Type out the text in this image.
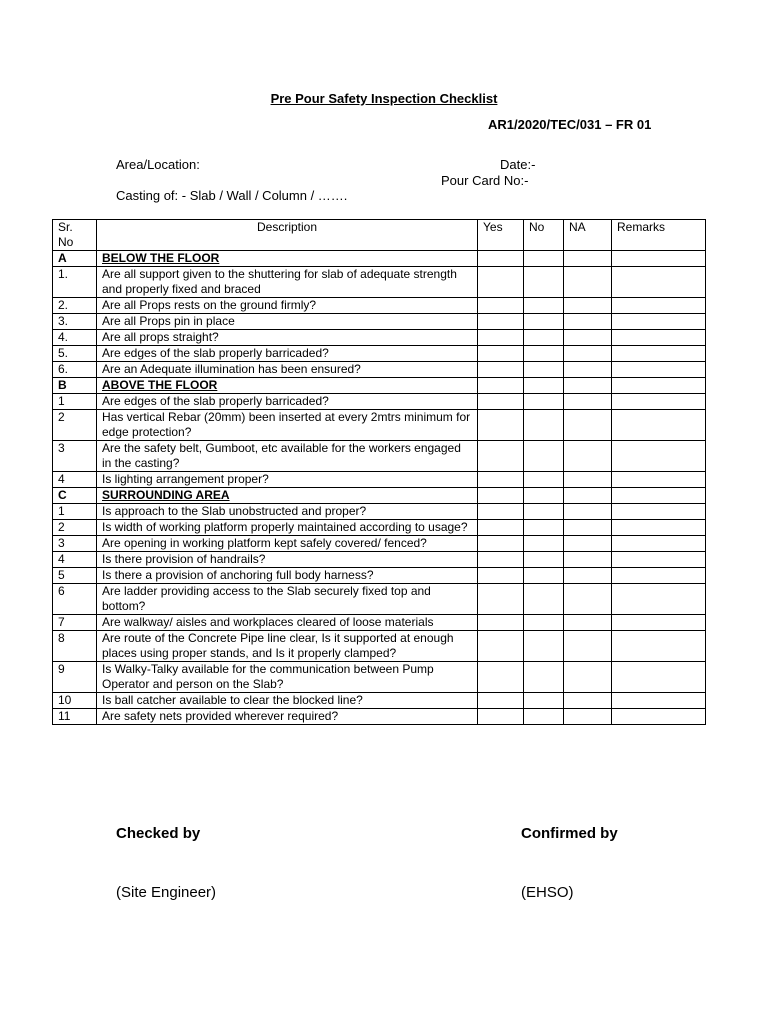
Pre Pour Safety Inspection Checklist
AR1/2020/TEC/031 – FR 01
Area/Location:	Date:-
Pour Card No:-
Casting of: - Slab / Wall / Column / …….
Sr.
No	Description	Yes	No	NA	Remarks
A	BELOW THE FLOOR				
1.	Are all support given to the shuttering for slab of adequate strength and properly fixed and braced				
2.	Are all Props rests on the ground firmly?				
3.	Are all Props pin in place				
4.	Are all props straight?				
5.	Are edges of the slab properly barricaded?				
6.	Are an Adequate illumination has been ensured?				
B	ABOVE THE FLOOR				
1	Are edges of the slab properly barricaded?				
2	Has vertical Rebar (20mm) been inserted at every 2mtrs minimum for edge protection?				
3	Are the safety belt, Gumboot, etc available for the workers engaged in the casting?				
4	Is lighting arrangement proper?				
C	SURROUNDING AREA				
1	Is approach to the Slab unobstructed and proper?				
2	Is width of working platform properly maintained according to usage?				
3	Are opening in working platform kept safely covered/ fenced?				
4	Is there provision of handrails?				
5	Is there a provision of anchoring full body harness?				
6	Are ladder providing access to the Slab securely fixed top and bottom?				
7	Are walkway/ aisles and workplaces cleared of loose materials				
8	Are route of the Concrete Pipe line clear, Is it supported at enough places using proper stands, and Is it properly clamped?				
9	Is Walky-Talky available for the communication between Pump Operator and person on the Slab?				
10	Is ball catcher available to clear the blocked line?				
11	Are safety nets provided wherever required?				
Checked by	Confirmed by
(Site Engineer)	(EHSO)
